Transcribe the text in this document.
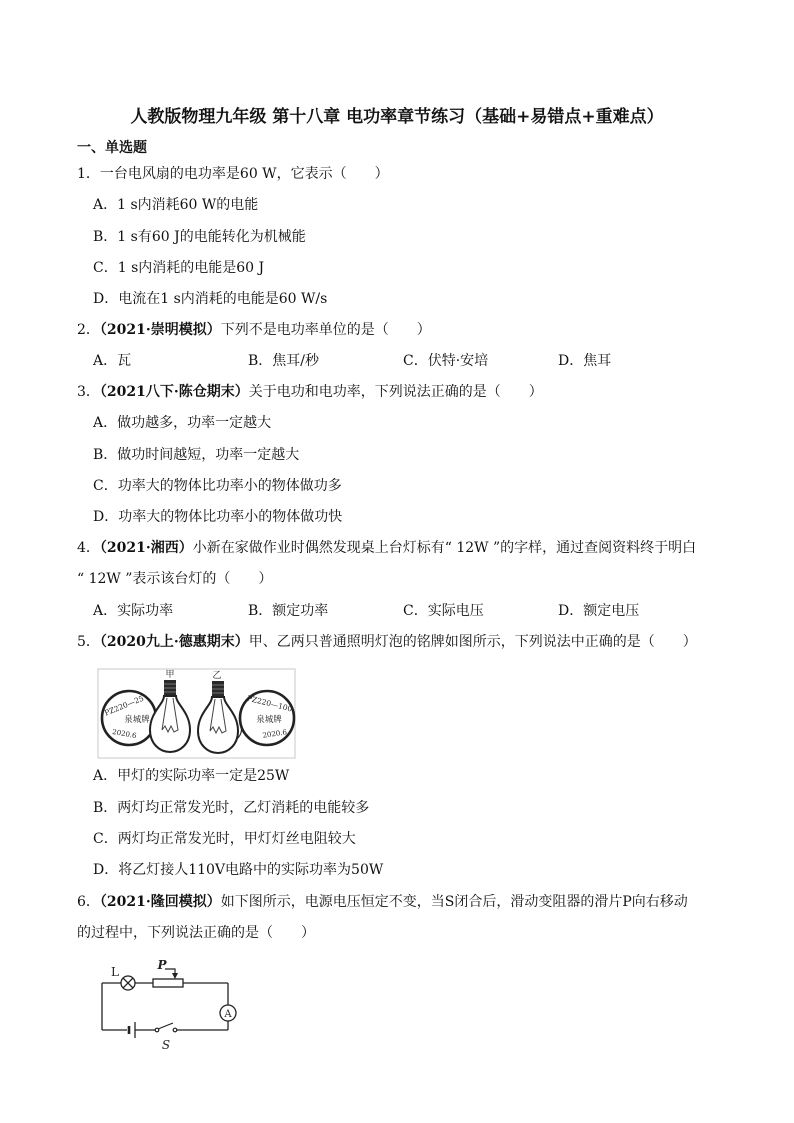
人教版物理九年级 第十八章 电功率章节练习（基础+易错点+重难点）
一、单选题
1．一台电风扇的电功率是60 W，它表示（　　）
A．1 s内消耗60 W的电能
B．1 s有60 J的电能转化为机械能
C．1 s内消耗的电能是60 J
D．电流在1 s内消耗的电能是60 W/s
2．（2021·崇明模拟）下列不是电功率单位的是（　　）
A．瓦	B．焦耳/秒	C．伏特·安培	D．焦耳
3．（2021八下·陈仓期末）关于电功和电功率，下列说法正确的是（　　）
A．做功越多，功率一定越大
B．做功时间越短，功率一定越大
C．功率大的物体比功率小的物体做功多
D．功率大的物体比功率小的物体做功快
4．（2021·湘西）小新在家做作业时偶然发现桌上台灯标有“ 12W ”的字样，通过查阅资料终于明白
“ 12W ”表示该台灯的（　　）
A．实际功率	B．额定功率	C．实际电压	D．额定电压
5．（2020九上·德惠期末）甲、乙两只普通照明灯泡的铭牌如图所示，下列说法中正确的是（　　）
PZ220—25
泉城牌
2020.6
甲	乙
PZ220—100
泉城牌
2020.6
A．甲灯的实际功率一定是25W
B．两灯均正常发光时，乙灯消耗的电能较多
C．两灯均正常发光时，甲灯灯丝电阻较大
D．将乙灯接人110V电路中的实际功率为50W
6．（2021·隆回模拟）如下图所示，电源电压恒定不变，当S闭合后，滑动变阻器的滑片P向右移动
的过程中，下列说法正确的是（　　）
L	P
A
S
